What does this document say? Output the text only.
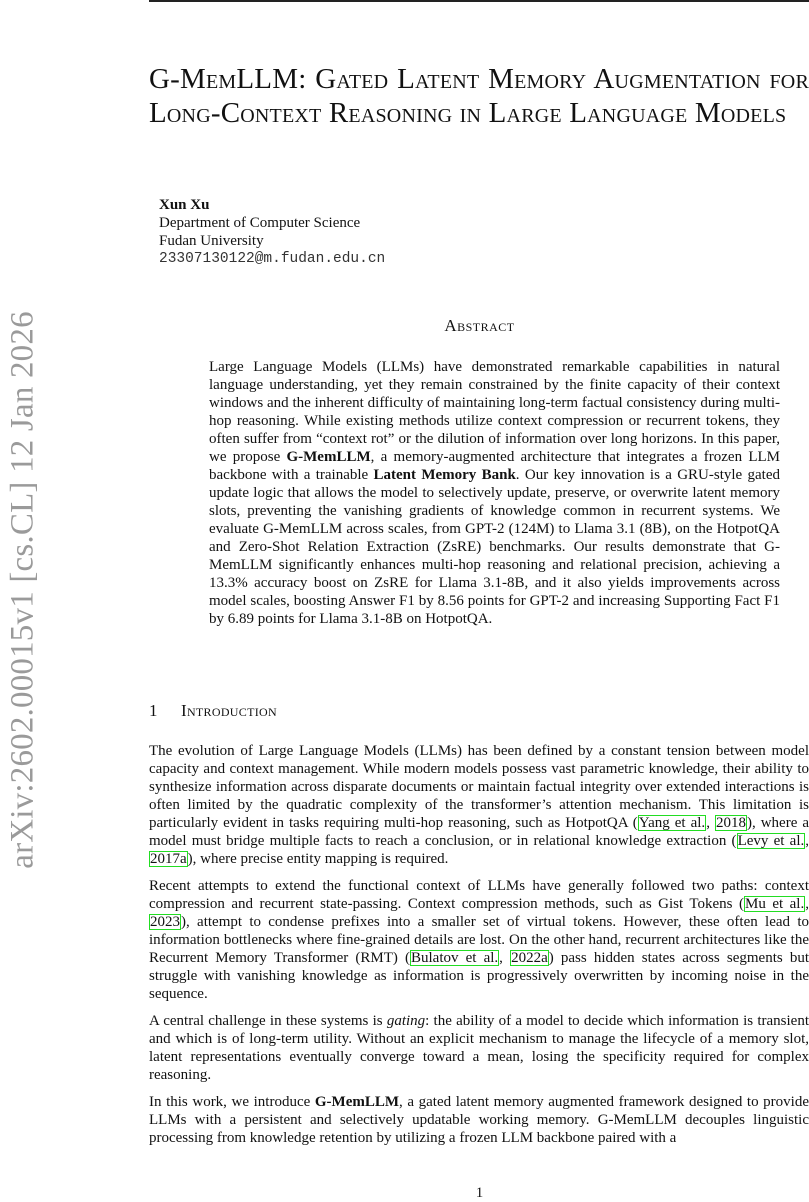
arXiv:2602.00015v1 [cs.CL] 12 Jan 2026
G-MemLLM: Gated Latent Memory Augmentation for Long-Context Reasoning in Large Language Models
Xun Xu
Department of Computer Science
Fudan University
23307130122@m.fudan.edu.cn
Abstract
Large Language Models (LLMs) have demonstrated remarkable capabilities in natural language understanding, yet they remain constrained by the finite capacity of their context windows and the inherent difficulty of maintaining long-term factual consistency during multi-hop reasoning. While existing methods utilize context compression or recurrent tokens, they often suffer from “context rot” or the dilution of information over long horizons. In this paper, we propose G-MemLLM, a memory-augmented architecture that integrates a frozen LLM backbone with a trainable Latent Memory Bank. Our key innovation is a GRU-style gated update logic that allows the model to selectively update, preserve, or overwrite latent memory slots, preventing the vanishing gradients of knowledge common in recurrent systems. We evaluate G-MemLLM across scales, from GPT-2 (124M) to Llama 3.1 (8B), on the HotpotQA and Zero-Shot Relation Extraction (ZsRE) benchmarks. Our results demonstrate that G-MemLLM significantly enhances multi-hop reasoning and relational precision, achieving a 13.3% accuracy boost on ZsRE for Llama 3.1-8B, and it also yields improvements across model scales, boosting Answer F1 by 8.56 points for GPT-2 and increasing Supporting Fact F1 by 6.89 points for Llama 3.1-8B on HotpotQA.
1 Introduction

The evolution of Large Language Models (LLMs) has been defined by a constant tension between model capacity and context management. While modern models possess vast parametric knowledge, their ability to synthesize information across disparate documents or maintain factual integrity over extended interactions is often limited by the quadratic complexity of the transformer’s attention mechanism. This limitation is particularly evident in tasks requiring multi-hop reasoning, such as HotpotQA (Yang et al., 2018), where a model must bridge multiple facts to reach a conclusion, or in relational knowledge extraction (Levy et al., 2017a), where precise entity mapping is required.

Recent attempts to extend the functional context of LLMs have generally followed two paths: context compression and recurrent state-passing. Context compression methods, such as Gist Tokens (Mu et al., 2023), attempt to condense prefixes into a smaller set of virtual tokens. However, these often lead to information bottlenecks where fine-grained details are lost. On the other hand, recurrent architectures like the Recurrent Memory Transformer (RMT) (Bulatov et al., 2022a) pass hidden states across segments but struggle with vanishing knowledge as information is progressively overwritten by incoming noise in the sequence.

A central challenge in these systems is gating: the ability of a model to decide which information is transient and which is of long-term utility. Without an explicit mechanism to manage the lifecycle of a memory slot, latent representations eventually converge toward a mean, losing the specificity required for complex reasoning.

In this work, we introduce G-MemLLM, a gated latent memory augmented framework designed to provide LLMs with a persistent and selectively updatable working memory. G-MemLLM decouples linguistic processing from knowledge retention by utilizing a frozen LLM backbone paired with a

1
